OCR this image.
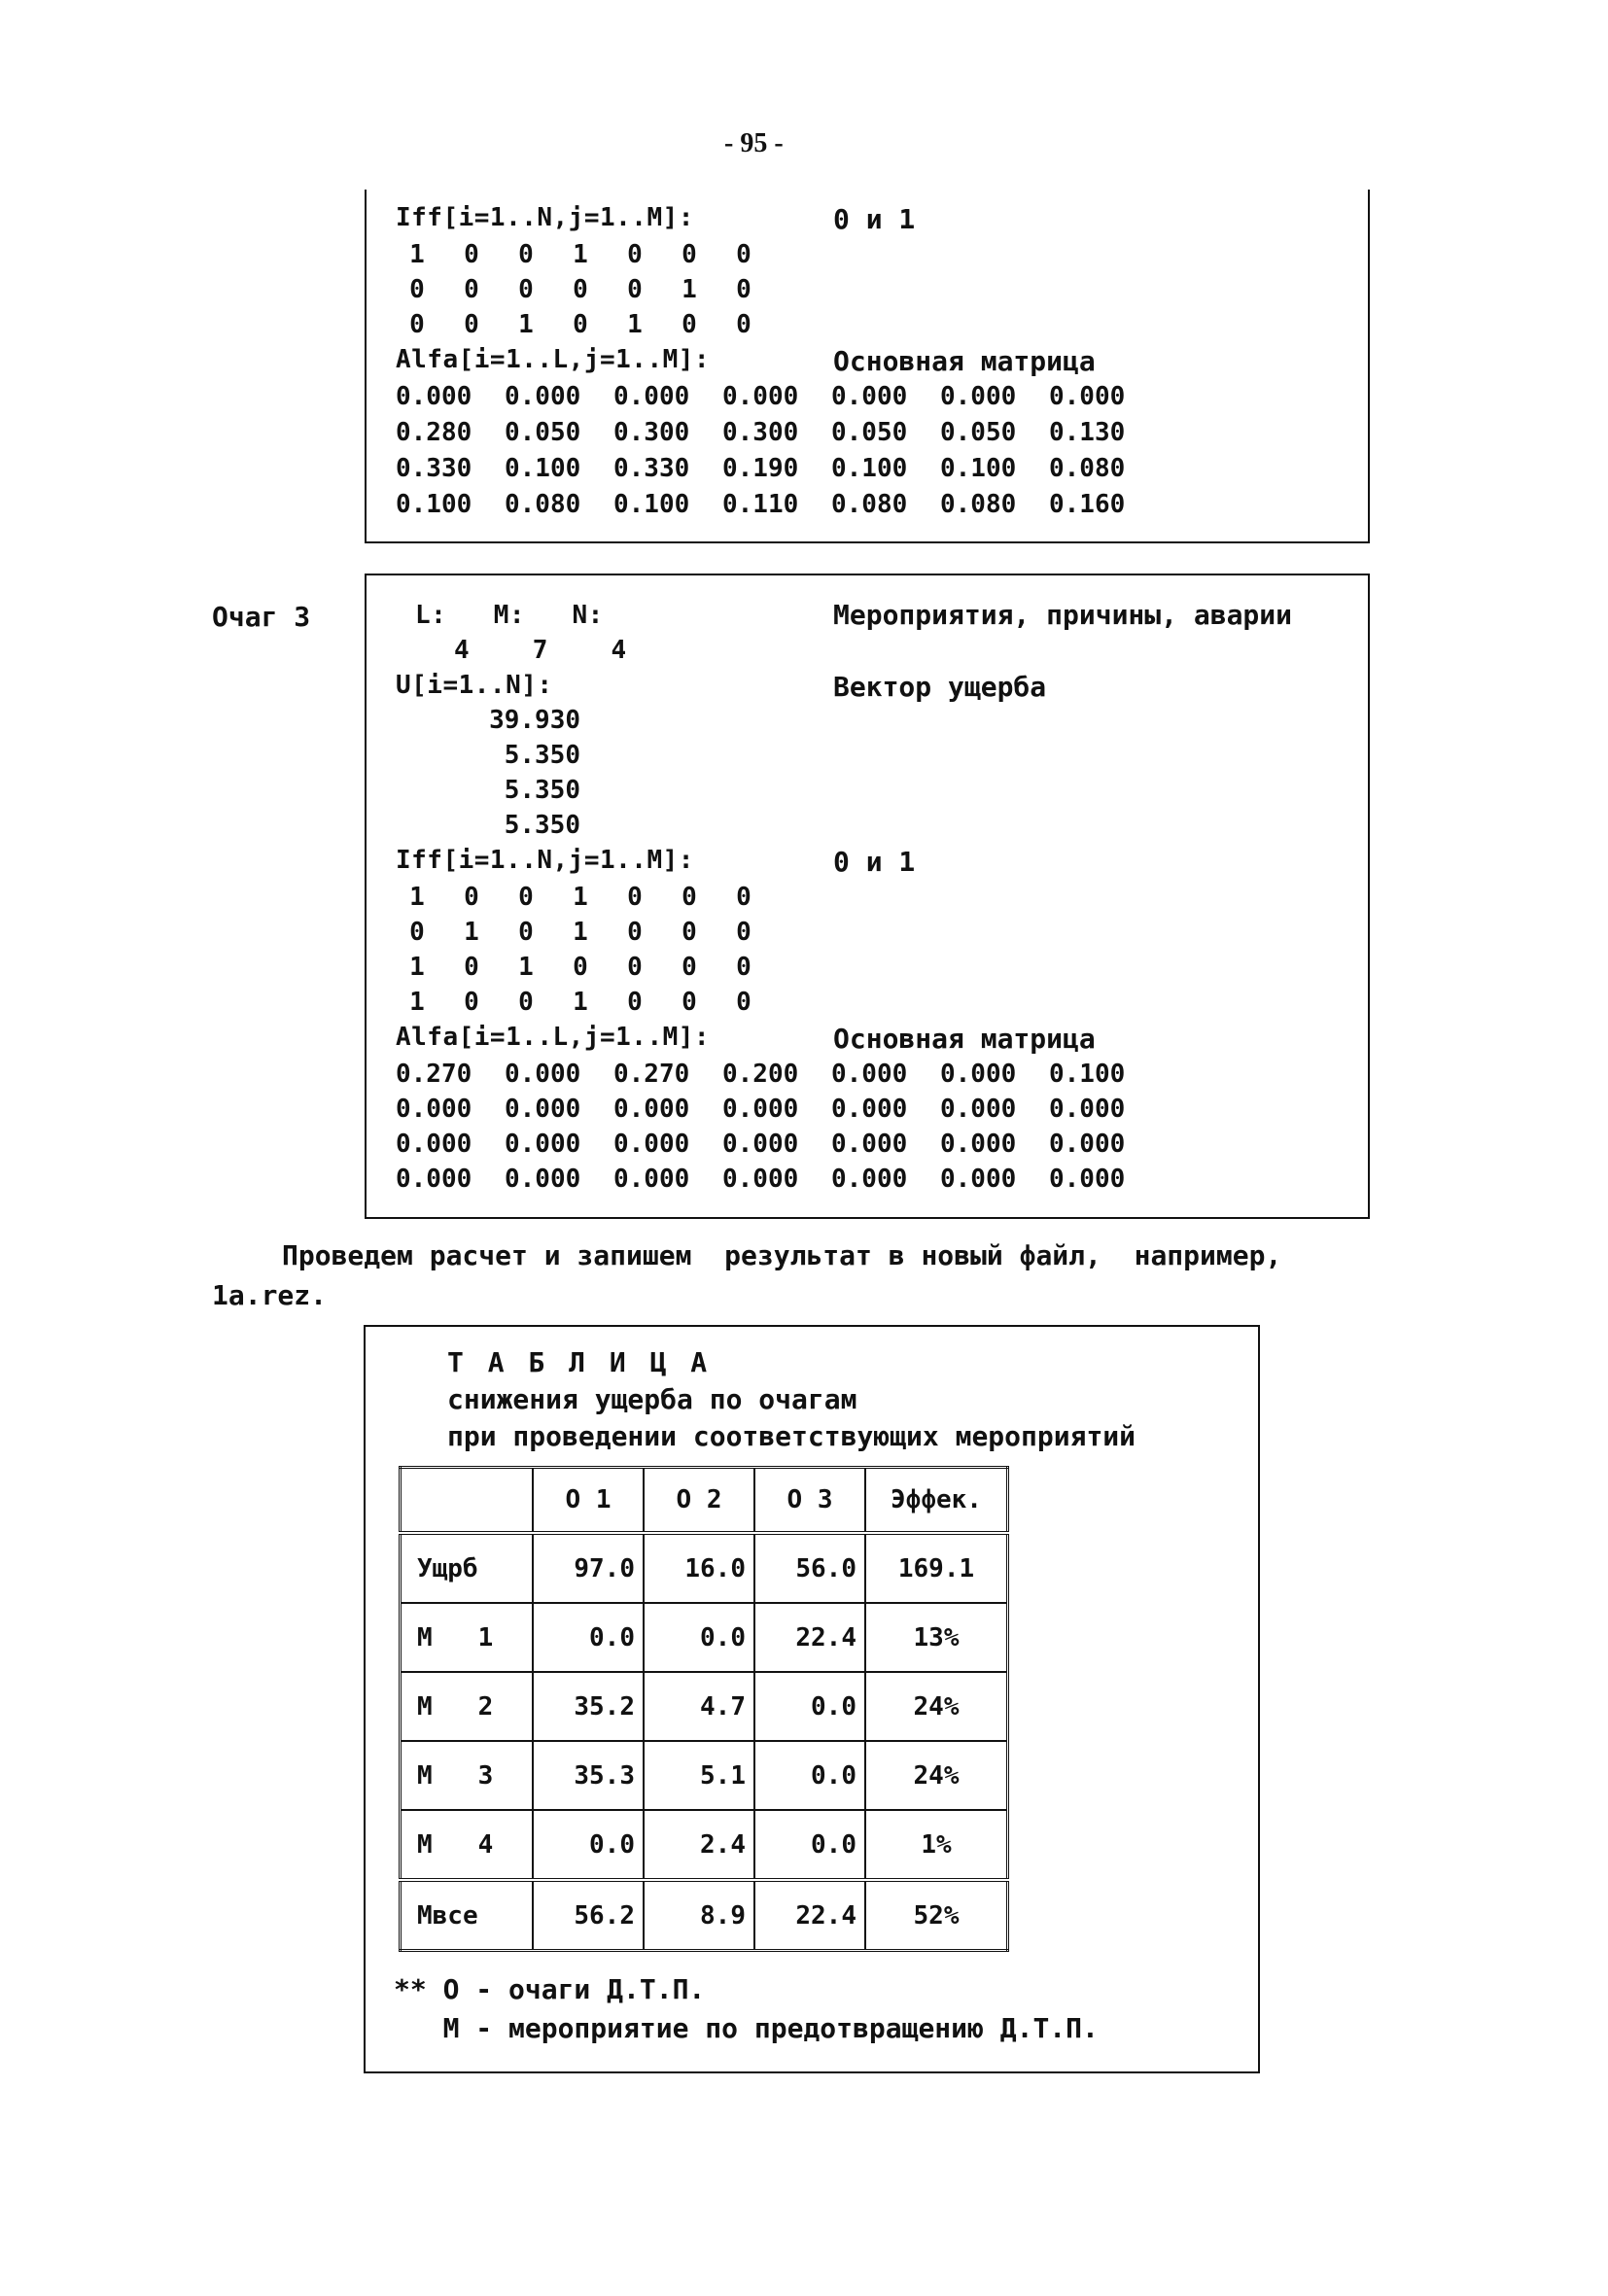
- 95 -
Iff[i=1..N,j=1..M]:	0 и 1
1	0	0	1	0	0	0
0	0	0	0	0	1	0
0	0	1	0	1	0	0
Alfa[i=1..L,j=1..M]:	Основная матрица
0.000	0.000	0.000	0.000	0.000	0.000	0.000
0.280	0.050	0.300	0.300	0.050	0.050	0.130
0.330	0.100	0.330	0.190	0.100	0.100	0.080
0.100	0.080	0.100	0.110	0.080	0.080	0.160
Очаг 3	L:   M:   N:	Мероприятия, причины, аварии
4    7    4
U[i=1..N]:	Вектор ущерба
39.930
5.350
5.350
5.350
Iff[i=1..N,j=1..M]:	0 и 1
1	0	0	1	0	0	0
0	1	0	1	0	0	0
1	0	1	0	0	0	0
1	0	0	1	0	0	0
Alfa[i=1..L,j=1..M]:	Основная матрица
0.270	0.000	0.270	0.200	0.000	0.000	0.100
0.000	0.000	0.000	0.000	0.000	0.000	0.000
0.000	0.000	0.000	0.000	0.000	0.000	0.000
0.000	0.000	0.000	0.000	0.000	0.000	0.000
Проведем расчет и запишем  результат в новый файл,  например,
1a.rez.
Т А Б Л И Ц А
снижения ущерба по очагам
при проведении соответствующих мероприятий
	О 1	О 2	О 3	Эффек.
Ущрб	97.0	16.0	56.0	169.1
М   1	0.0	0.0	22.4	13%
М   2	35.2	4.7	0.0	24%
М   3	35.3	5.1	0.0	24%
М   4	0.0	2.4	0.0	1%
Мвсе	56.2	8.9	22.4	52%
** О - очаги Д.Т.П.
М - мероприятие по предотвращению Д.Т.П.
